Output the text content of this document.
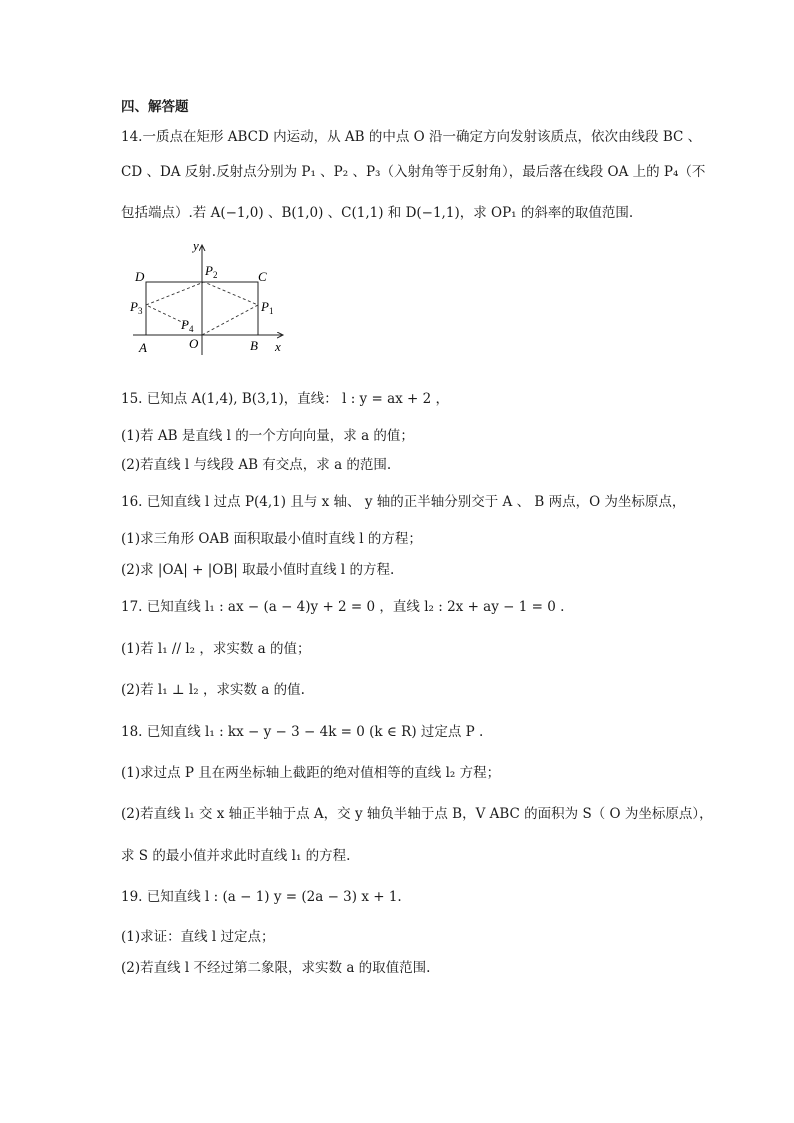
四、解答题
14.一质点在矩形 ABCD 内运动，从 AB 的中点 O 沿一确定方向发射该质点，依次由线段 BC 、
CD 、DA 反射.反射点分别为 P₁ 、P₂ 、P₃（入射角等于反射角），最后落在线段 OA 上的 P₄（不
包括端点）.若 A(−1,0) 、B(1,0) 、C(1,1) 和 D(−1,1)，求 OP₁ 的斜率的取值范围.
y
x
D	C
A	O	B
$P_2$
$P_1$
$P_3$
$P_4$
15. 已知点 A(1,4), B(3,1)，直线： l : y = ax + 2 ，
(1)若 AB 是直线 l 的一个方向向量，求 a 的值；
(2)若直线 l 与线段 AB 有交点，求 a 的范围.
16. 已知直线 l 过点 P(4,1) 且与 x 轴、 y 轴的正半轴分别交于 A 、 B 两点，O 为坐标原点，
(1)求三角形 OAB 面积取最小值时直线 l 的方程；
(2)求 |OA| + |OB| 取最小值时直线 l 的方程.
17. 已知直线 l₁ : ax − (a − 4)y + 2 = 0 ，直线 l₂ : 2x + ay − 1 = 0 .
(1)若 l₁ // l₂ ，求实数 a 的值；
(2)若 l₁ ⊥ l₂ ，求实数 a 的值.
18. 已知直线 l₁ : kx − y − 3 − 4k = 0 (k ∈ R) 过定点 P .
(1)求过点 P 且在两坐标轴上截距的绝对值相等的直线 l₂ 方程；
(2)若直线 l₁ 交 x 轴正半轴于点 A，交 y 轴负半轴于点 B，V ABC 的面积为 S（ O 为坐标原点），
求 S 的最小值并求此时直线 l₁ 的方程.
19. 已知直线 l : (a − 1) y = (2a − 3) x + 1.
(1)求证：直线 l 过定点；
(2)若直线 l 不经过第二象限，求实数 a 的取值范围.
